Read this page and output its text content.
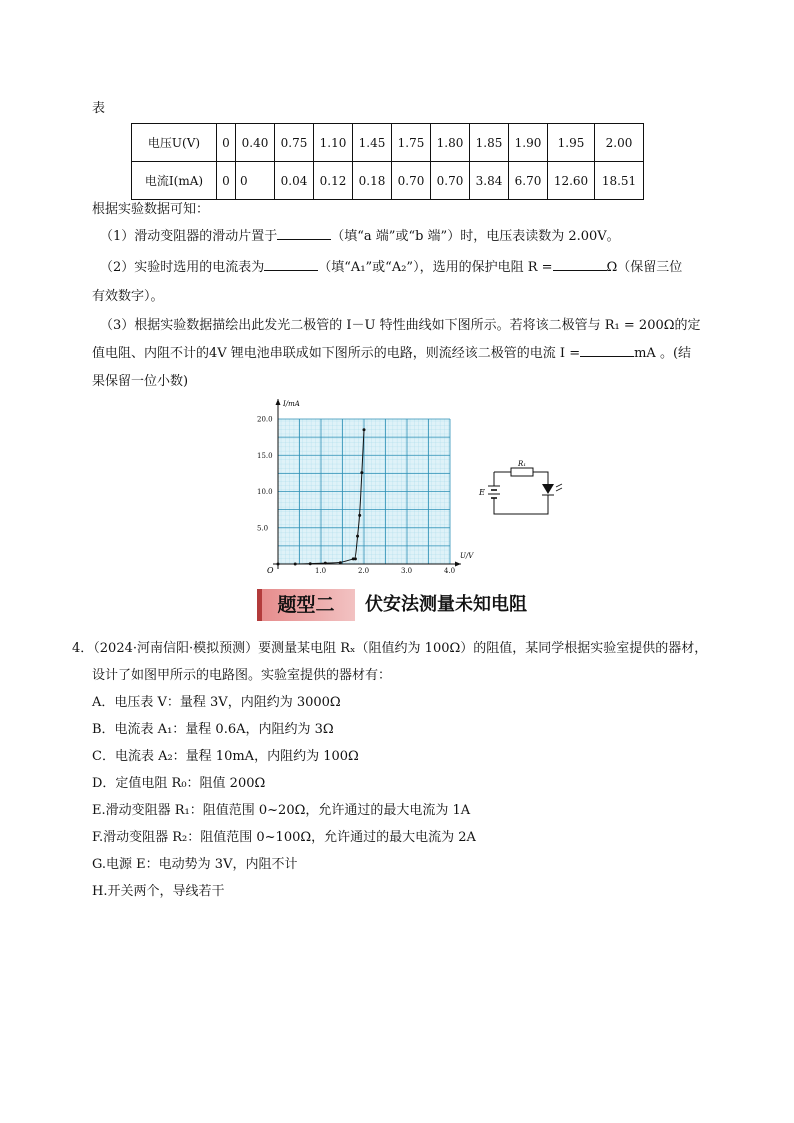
表
电压U(V)	0	0.40	0.75	1.10	1.45	1.75	1.80	1.85	1.90	1.95	2.00
电流I(mA)	0	0	0.04	0.12	0.18	0.70	0.70	3.84	6.70	12.60	18.51
根据实验数据可知：
（1）滑动变阻器的滑动片置于	（填“a 端”或“b 端”）时，电压表读数为 2.00V。
（2）实验时选用的电流表为	（填“A₁”或“A₂”），选用的保护电阻 R =	Ω（保留三位
有效数字）。
（3）根据实验数据描绘出此发光二极管的 I－U 特性曲线如下图所示。若将该二极管与 R₁ = 200Ω的定
值电阻、内阻不计的4V 锂电池串联成如下图所示的电路，则流经该二极管的电流 I =	mA 。(结
果保留一位小数)
I/mA
U/V
O	1.0	2.0	3.0	4.0
5.0
10.0
15.0
20.0
R₁
E
题型二	伏安法测量未知电阻
4．（2024·河南信阳·模拟预测）要测量某电阻 Rₓ（阻值约为 100Ω）的阻值，某同学根据实验室提供的器材，
设计了如图甲所示的电路图。实验室提供的器材有：
A．电压表 V：量程 3V，内阻约为 3000Ω
B．电流表 A₁：量程 0.6A，内阻约为 3Ω
C．电流表 A₂：量程 10mA，内阻约为 100Ω
D．定值电阻 R₀：阻值 200Ω
E.滑动变阻器 R₁：阻值范围 0~20Ω，允许通过的最大电流为 1A
F.滑动变阻器 R₂：阻值范围 0~100Ω，允许通过的最大电流为 2A
G.电源 E：电动势为 3V，内阻不计
H.开关两个，导线若干
